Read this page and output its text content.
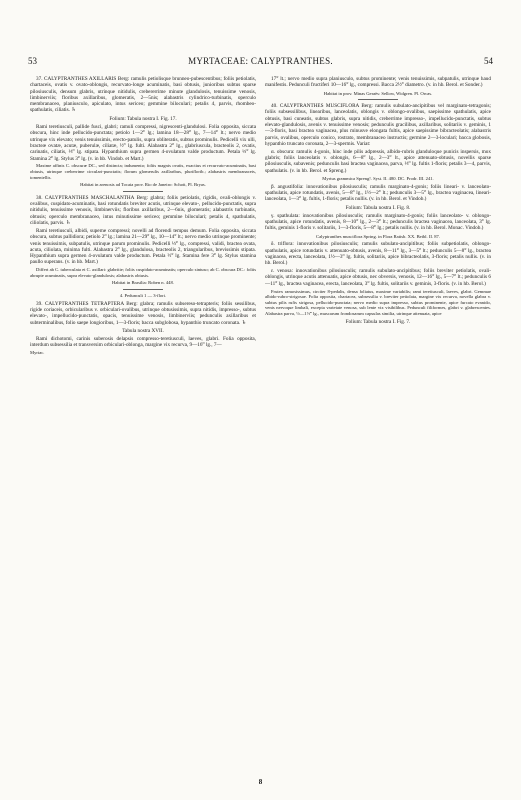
53	MYRTACEAE: CALYPTRANTHES.	54

37. CALYPTRANTHES AXILLARIS Berg: ramulis petiolisque brunneo-pubescentibus; foliis petiolatis, chartaceis, ovatis v. ovato-oblongis, recurvato-longe acuminatis, basi obtusis, junioribus subtus sparse pilosiusculis, densum glabris, utrinque nitidulis, crebererrime minute glandulosis, tenuissime venosis, limbinerviis; floribus axillaribus, glomeratis, 2—5nis; alabastris cylindrico-turbinatis, operculo membranaceo, planiusculo, apiculato, intus sericeo; gemmine biloculari; petalis 4, parvis, rhombeo-spathulatis, ciliatis. ♄

Folium: Tabula nostra I. Fig. 17.

Rami teretiusculi, pallide fusci, glabri; ramuli compressi, nigrescenti-glandulosi. Folia opposita, siccata obscura, hinc inde pellucido-punctata; petiolo 1—2‴ lg.; lamina 18—28‴ lg., 7—14‴ lt.; nervo medio utrinque vix elevato; venis tenuissimis, erecto-patulis, supra obliteratis, subtus prominulis. Pedicelli vix ulli, bracteæ ovatæ, acutæ, puberulæ, ciliatæ, ½‴ lg. fulti. Alabastra 2‴ lg., glabriuscula, bracteolis 2, ovatis, carinatis, ciliatis, ⅓‴ lg. stipata. Hypanthium supra germen 4-ovulatum valde productum. Petala ⅓‴ lg. Stamina 2‴ lg. Stylus 3‴ lg. (v. in hb. Vindob. et Mart.)

Maxime affinis C. obscuræ DC., sed distincta; indumento; foliis magnis ovatis, exactius et recurvato-acuminatis, basi obtusis, utrinque creberrime circulari-punctatis; florum glomerulis axillaribus, pluriflorib.; alabastris membranaceis, tomentellis.

Habitat in arenosis ad Tocaia prov. Rio de Janeiro: Schott, Pl. Bryas.

38. CALYPTRANTHES MASCHALANTHA Berg: glabra; foliis petiolatis, rigidis, ovali-oblongis v. ovalibus, cuspidato-acuminatis, basi rotundatis breviter acutis, utrinque elevato-, pellucido-punctatis, supra nitidulis, tenuissime venosis, limbinerviis; floribus axillaribus, 2—6nis, glomeratis; alabastris turbinatis, obtusis; operculo membranaceo, intus minutissime sericeo; gemmine biloculari; petalis 4, spathulatis, ciliolatis, parvis. ♄

Rami teretiusculi, albidi, superne compressi; novelli ad florendi tempus demum. Folia opposita, siccata obscura, subtus pallidiora; petiolo 2‴ lg.; lamina 21—29‴ lg., 10—14‴ lt.; nervo medio utrinque prominente; venis tenuissimis, subpatulis, utrinque parum prominulis. Pedicelli ⅓‴ lg., compressi, validi, bractea ovata, acuta, ciliolata, minima fulti. Alabastra 2‴ lg., glandulosa, bracteolis 2, triangularibus, brevissimis stipata. Hypanthium supra germen 4-ovulatum valde productum. Petala ½‴ lg. Stamina fere 3‴ lg. Stylus stamina paullo superans. (v. in hb. Mart.)

Differt ab C. tuberculata et C. axillari: glabritie; foliis cuspidato-acuminatis; operculo sintuso; ab C. obscura DC.: foliis abrupte acuminatis, supra elevato-glandulosis; alabastris obtusis.

Habitat in Brasilia: Roben n. 448.

4. Pedunculi 1 — 3-flori.

39. CALYPTRANTHES TETRAPTERA Berg: glabra; ramulis subsereso-tetrapteris; foliis sessilibus, rigide coriaceis, orbicularibus v. orbiculari-ovalibus, utrinque obtusissimis, supra nitidis, impresso-, subtus elevato-, impellucido-punctatis, opacis, tenuissime venosis, limbinerviis; pedunculis axillaribus et subterminalibus, folio saepe longioribus, 1—3-floris; bacca subglobosa, hypanthio truncato coronata. ♄

Tabula nostra XVII.

Rami dichotomi, carinis suberosis delapsis compresso-teretiusculi, laeves, glabri. Folia opposita, interdum subsessilia et transversim orbiculari-oblonga, margine vix recurva, 9—16‴ lg., 7—

Myrtac.

17‴ lt.; nervo medio supra planiusculo, subtus prominente; venis tenuissimis, subpatulis, utrinque haud manifestis. Pedunculi fructiferi 10—16‴ lg., compressi. Bacca 2½‴ diametro. (v. in hb. Berol. et Sonder.)

Habitat in prov. Minas Geraës: Sellow, Widgren. Pl. Orcas.

40. CALYPTRANTHES MUSCIFLORA Berg: ramulis subulato-ancipitibus vel marginato-tetragonis; foliis subsessilibus, linearibus, lanceolatis, oblongis v. oblongo-ovalibus, saepissime spathulatis, apice obtusis, basi cuneatis, subtus glabris, supra nitidis, creberrime impresso-, impellucido-punctatis, subtus elevato-glandulosis, avenis v. tenuissime venosis; pedunculis gracilibus, axillaribus, solitariis v. geminis, 1—3-floris, basi bractea vaginacea, plus minusve elongata fultis, apice saepissime bibracteolatis; alabastris parvis, ovalibus, operculo conico, rostrato, membranaceo instructis; germine 2—3-loculari; bacca globosis, hypanthio truncato coronata, 2—3-spermis. Variat:

α. obscura: ramulis 4-gonis, hinc inde pilis adpressis, albido-rubris glanduloque punicis inspersis, mox glabris; foliis lanceolatis v. oblongis, 6—8‴ lg., 2—3‴ lt., apice attenuato-obtusis, novellis sparse pilosiusculis, subavenis; pedunculis basi bractea vaginacea, parva, ⅓‴ lg. fultis 1-floris; petalis 3—4, parvis, spathulatis. (v. in hb. Berol. et Spreng.)

Myrtus grammica Spreng!. Syst. II. 480. DC. Prodr. III. 241.

β. angustifolia: innovationibus pilosiusculis; ramulis marginato-4-gonis; foliis lineari- v. lanceolato-spathulatis, apice rotundatis, avenis, 5—8‴ lg., 1½—2‴ lt.; pedunculis 3—5‴ lg., bractea vaginacea, lineari-lanceolata, 1—3‴ lg. fultis, 1-floris; petalis nullis. (v. in hb. Berol. et Vindob.)

Folium: Tabula nostra I. Fig. 8.

γ. spathulata: innovationibus pilosiusculis; ramulis marginato-4-gonis; foliis lanceolato- v. oblongo-spathulatis, apice rotundatis, avenis, 8—10‴ lg., 2—3‴ lt.; pedunculis bractea vaginacea, lanceolata, 3‴ lg. fultis, geminis 1-floris v. solitariis, 1—3-floris, 5—8‴ lg.; petalis nullis. (v. in hb. Berol. Monac. Vindob.)

Calyptranthes musciflora Spring. in Flora Ratisb. XX. Beibl. II. 87.

δ. triflora: innovationibus pilosiusculis; ramulis subulato-ancipitibus; foliis subpetiolatis, oblongo-spathulatis, apice rotundatis v. attenuato-obtusis, avenis, 8—11‴ lg., 3—5‴ lt.; pedunculis 5—8‴ lg., bractea vaginacea, erecta, lanceolata, 1½—3‴ lg. fultis, solitariis, apice bibracteolatis, 3-floris; petalis nullis. (v. in hb. Berol.)

ε. venosa: innovationibus pilosiusculis; ramulis subulato-ancipitibus; foliis breviter petiolatis, ovali-oblongis, utrinque acutis attenuatis, apice obtusis, nec obversis, venosis, 12—16‴ lg., 5—7‴ lt.; pedunculis 6—11‴ lg., bractea vaginacea, erecta, lanceolata, 3‴ lg. fultis, solitariis v. geminis, 3-floris. (v. in hb. Berol.)

Frutex ramosissimus, circiter 8-pedalis, densa foliatus, maxime variabilis; rami teretiusculi, laeves, glabri. Gemmae albido-rubro-strigosae. Folia opposita, chartacea, subsessilia v. breviter petiolata, margine vix recurva, novella glabra v. subtus pilis rufis strigosa, pellucido-punctata; nervo medio supra impresso, subtus prominente, apice furcato evanido, venis nervoque limbali, excepta varietate venosa, sub lente vix visibilibus. Pedunculi filiformes, glabri v. glabrescentes. Alabastra parva, ½—1½‴ lg., muscarum frondosarum capsulas similia, utrinque attenuata, apice

Folium: Tabula nostra I. Fig. 7.

8
